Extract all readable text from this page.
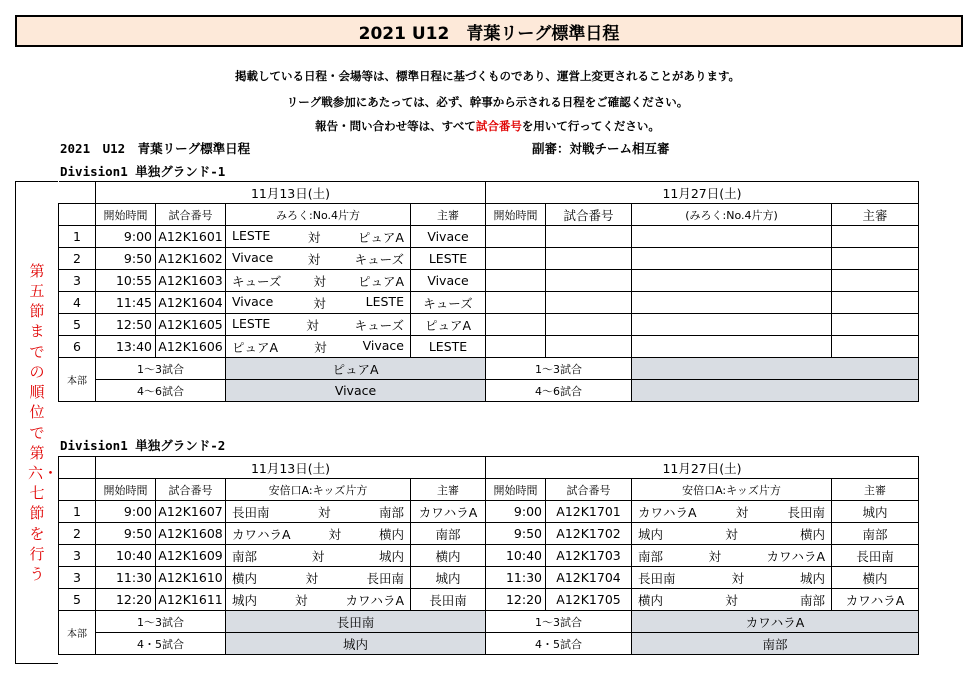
2021 U12　青葉リーグ標準日程
掲載している日程・会場等は、標準日程に基づくものであり、運営上変更されることがあります。
リーグ戦参加にあたっては、必ず、幹事から示される日程をご確認ください。
報告・問い合わせ等は、すべて試合番号を用いて行ってください。
2021　U12　青葉リーグ標準日程	副審：対戦チーム相互審
Division1 単独グランド-1
Division1 単独グランド-2
第五節までの順位で第六・七節を行う
	11月13日(土)				11月27日(土)			
	開始時間	試合番号	みろく:No.4片方	主審	開始時間	試合番号	(みろく:No.4片方)	主審
1	9:00	A12K1601	LESTE 対 ピュアA	Vivace				
2	9:50	A12K1602	Vivace 対 キューズ	LESTE				
3	10:55	A12K1603	キューズ 対 ピュアA	Vivace				
4	11:45	A12K1604	Vivace 対 LESTE	キューズ				
5	12:50	A12K1605	LESTE 対 キューズ	ピュアA				
6	13:40	A12K1606	ピュアA 対 Vivace	LESTE				
本部	1～3試合		ピュアA		1～3試合			
	4～6試合		Vivace		4～6試合			
	11月13日(土)				11月27日(土)			
	開始時間	試合番号	安倍口A:キッズ片方	主審	開始時間	試合番号	安倍口A:キッズ片方	主審
1	9:00	A12K1607	長田南 対 南部	カワハラA	9:00	A12K1701	カワハラA 対 長田南	城内
2	9:50	A12K1608	カワハラA 対 横内	南部	9:50	A12K1702	城内 対 横内	南部
3	10:40	A12K1609	南部 対 城内	横内	10:40	A12K1703	南部 対 カワハラA	長田南
3	11:30	A12K1610	横内 対 長田南	城内	11:30	A12K1704	長田南 対 城内	横内
5	12:20	A12K1611	城内 対 カワハラA	長田南	12:20	A12K1705	横内 対 南部	カワハラA
本部	1～3試合		長田南		1～3試合		カワハラA	
	4・5試合		城内		4・5試合		南部	
